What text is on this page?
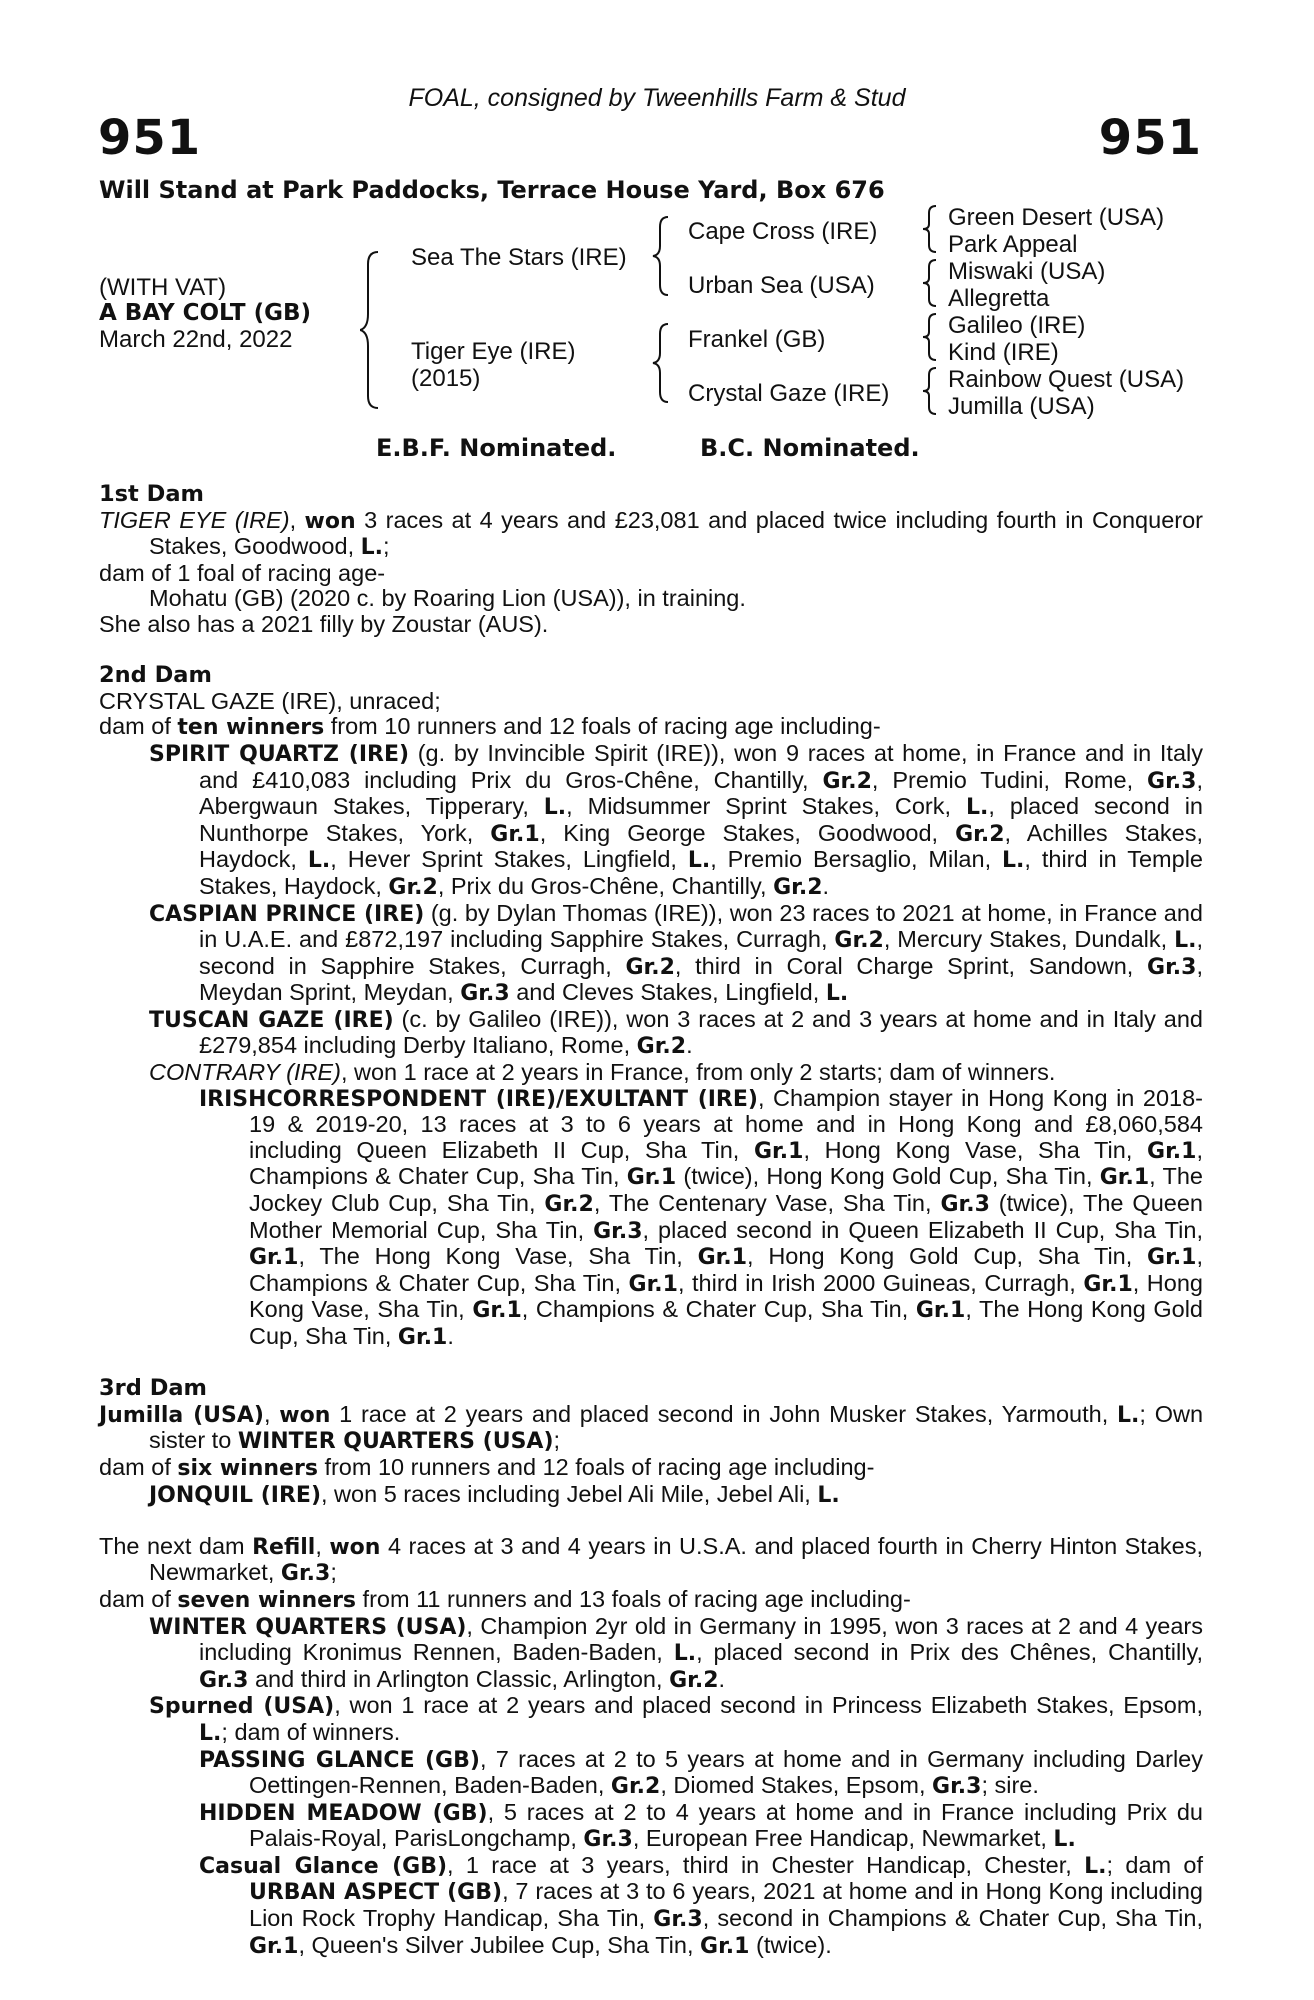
FOAL, consigned by Tweenhills Farm & Stud
951	951
Will Stand at Park Paddocks, Terrace House Yard, Box 676
(WITH VAT)
A BAY COLT (GB)
March 22nd, 2022
Sea The Stars (IRE)
Tiger Eye (IRE)
(2015)
Cape Cross (IRE)
Urban Sea (USA)
Frankel (GB)
Crystal Gaze (IRE)
Green Desert (USA)
Park Appeal
Miswaki (USA)
Allegretta
Galileo (IRE)
Kind (IRE)
Rainbow Quest (USA)
Jumilla (USA)
E.B.F. Nominated.	B.C. Nominated.

1st Dam

TIGER EYE (IRE), won 3 races at 4 years and £23,081 and placed twice including fourth in Conqueror Stakes, Goodwood, L.;

dam of 1 foal of racing age-

Mohatu (GB) (2020 c. by Roaring Lion (USA)), in training.

She also has a 2021 filly by Zoustar (AUS).

2nd Dam

CRYSTAL GAZE (IRE), unraced;

dam of ten winners from 10 runners and 12 foals of racing age including-

SPIRIT QUARTZ (IRE) (g. by Invincible Spirit (IRE)), won 9 races at home, in France and in Italy and £410,083 including Prix du Gros-Chêne, Chantilly, Gr.2, Premio Tudini, Rome, Gr.3, Abergwaun Stakes, Tipperary, L., Midsummer Sprint Stakes, Cork, L., placed second in Nunthorpe Stakes, York, Gr.1, King George Stakes, Goodwood, Gr.2, Achilles Stakes, Haydock, L., Hever Sprint Stakes, Lingfield, L., Premio Bersaglio, Milan, L., third in Temple Stakes, Haydock, Gr.2, Prix du Gros-Chêne, Chantilly, Gr.2.

CASPIAN PRINCE (IRE) (g. by Dylan Thomas (IRE)), won 23 races to 2021 at home, in France and in U.A.E. and £872,197 including Sapphire Stakes, Curragh, Gr.2, Mercury Stakes, Dundalk, L., second in Sapphire Stakes, Curragh, Gr.2, third in Coral Charge Sprint, Sandown, Gr.3, Meydan Sprint, Meydan, Gr.3 and Cleves Stakes, Lingfield, L.

TUSCAN GAZE (IRE) (c. by Galileo (IRE)), won 3 races at 2 and 3 years at home and in Italy and £279,854 including Derby Italiano, Rome, Gr.2.

CONTRARY (IRE), won 1 race at 2 years in France, from only 2 starts; dam of winners.

IRISHCORRESPONDENT (IRE)/EXULTANT (IRE), Champion stayer in Hong Kong in 2018-19 & 2019-20, 13 races at 3 to 6 years at home and in Hong Kong and £8,060,584 including Queen Elizabeth II Cup, Sha Tin, Gr.1, Hong Kong Vase, Sha Tin, Gr.1, Champions & Chater Cup, Sha Tin, Gr.1 (twice), Hong Kong Gold Cup, Sha Tin, Gr.1, The Jockey Club Cup, Sha Tin, Gr.2, The Centenary Vase, Sha Tin, Gr.3 (twice), The Queen Mother Memorial Cup, Sha Tin, Gr.3, placed second in Queen Elizabeth II Cup, Sha Tin, Gr.1, The Hong Kong Vase, Sha Tin, Gr.1, Hong Kong Gold Cup, Sha Tin, Gr.1, Champions & Chater Cup, Sha Tin, Gr.1, third in Irish 2000 Guineas, Curragh, Gr.1, Hong Kong Vase, Sha Tin, Gr.1, Champions & Chater Cup, Sha Tin, Gr.1, The Hong Kong Gold Cup, Sha Tin, Gr.1.

3rd Dam

Jumilla (USA), won 1 race at 2 years and placed second in John Musker Stakes, Yarmouth, L.; Own sister to WINTER QUARTERS (USA);

dam of six winners from 10 runners and 12 foals of racing age including-

JONQUIL (IRE), won 5 races including Jebel Ali Mile, Jebel Ali, L.

The next dam Refill, won 4 races at 3 and 4 years in U.S.A. and placed fourth in Cherry Hinton Stakes, Newmarket, Gr.3;

dam of seven winners from 11 runners and 13 foals of racing age including-

WINTER QUARTERS (USA), Champion 2yr old in Germany in 1995, won 3 races at 2 and 4 years including Kronimus Rennen, Baden-Baden, L., placed second in Prix des Chênes, Chantilly, Gr.3 and third in Arlington Classic, Arlington, Gr.2.

Spurned (USA), won 1 race at 2 years and placed second in Princess Elizabeth Stakes, Epsom, L.; dam of winners.

PASSING GLANCE (GB), 7 races at 2 to 5 years at home and in Germany including Darley Oettingen-Rennen, Baden-Baden, Gr.2, Diomed Stakes, Epsom, Gr.3; sire.

HIDDEN MEADOW (GB), 5 races at 2 to 4 years at home and in France including Prix du Palais-Royal, ParisLongchamp, Gr.3, European Free Handicap, Newmarket, L.

Casual Glance (GB), 1 race at 3 years, third in Chester Handicap, Chester, L.; dam of URBAN ASPECT (GB), 7 races at 3 to 6 years, 2021 at home and in Hong Kong including Lion Rock Trophy Handicap, Sha Tin, Gr.3, second in Champions & Chater Cup, Sha Tin, Gr.1, Queen's Silver Jubilee Cup, Sha Tin, Gr.1 (twice).
